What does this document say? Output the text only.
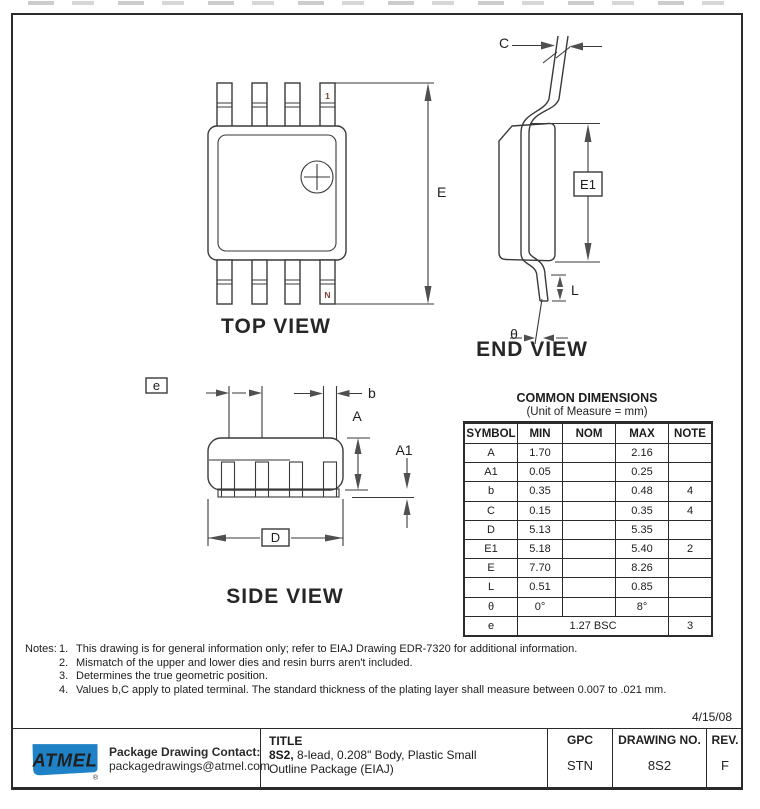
1
N
E
TOP VIEW
C
E1
L
θ
END VIEW
e	b
A
A1
D
SIDE VIEW
COMMON DIMENSIONS
(Unit of Measure = mm)
SYMBOL	MIN	NOM	MAX	NOTE
A	1.70		2.16	
A1	0.05		0.25	
b	0.35		0.48	4
C	0.15		0.35	4
D	5.13		5.35	
E1	5.18		5.40	2
E	7.70		8.26	
L	0.51		0.85	
θ	0°		8°	
e	1.27 BSC			3
Notes: 1. This drawing is for general information only; refer to EIAJ Drawing EDR-7320 for additional information.
2. Mismatch of the upper and lower dies and resin burrs aren't included.
3. Determines the true geometric position.
4. Values b,C apply to plated terminal. The standard thickness of the plating layer shall measure between 0.007 to .021 mm.
4/15/08
ATMEL
®
Package Drawing Contact:
packagedrawings@atmel.com
TITLE
8S2, 8-lead, 0.208" Body, Plastic Small
Outline Package (EIAJ)
GPC
STN
DRAWING NO.
8S2
REV.
F
